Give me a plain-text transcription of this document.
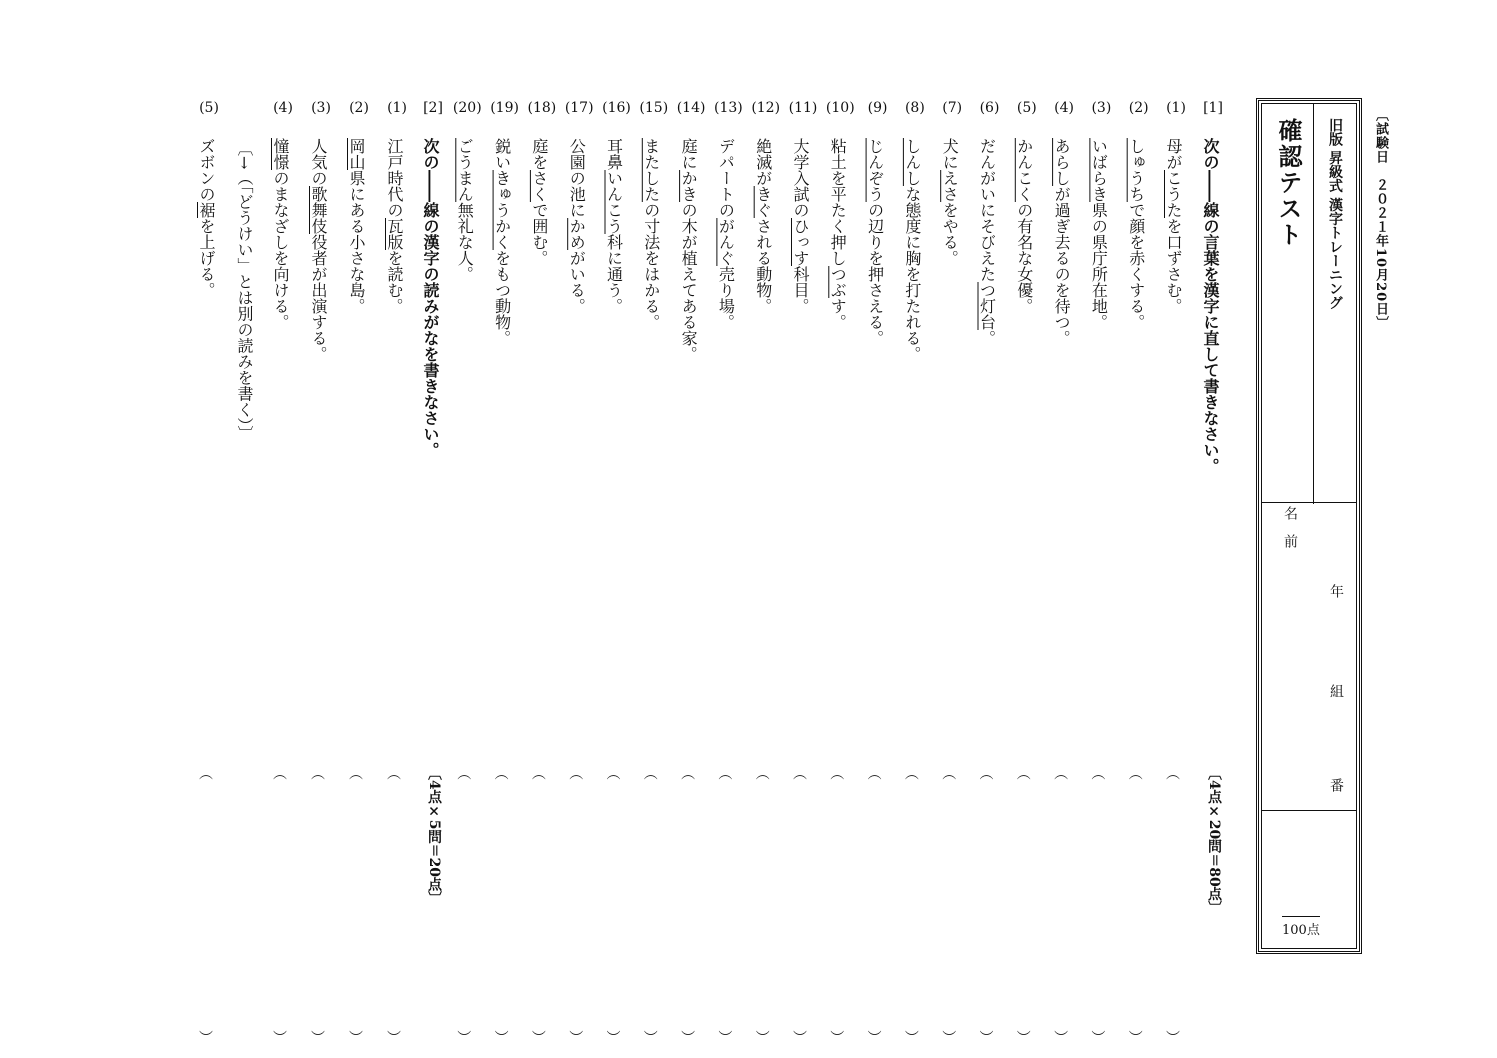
〔試験日　２０２１年10月20日〕
旧版 昇級式 漢字トレーニング
確認テスト
名前
年
組
番
100点
[1]
次の――線の言葉を漢字に直して書きなさい。
〔4点×20問＝80点〕
(1)
母がこうたを口ずさむ。
（
）
(2)
しゅうちで顔を赤くする。
（
）
(3)
いばらき県の県庁所在地。
（
）
(4)
あらしが過ぎ去るのを待つ。
（
）
(5)
かんこくの有名な女優。
（
）
(6)
だんがいにそびえたつ灯台。
（
）
(7)
犬にえさをやる。
（
）
(8)
しんしな態度に胸を打たれる。
（
）
(9)
じんぞうの辺りを押さえる。
（
）
(10)
粘土を平たく押しつぶす。
（
）
(11)
大学入試のひっす科目。
（
）
(12)
絶滅がきぐされる動物。
（
）
(13)
デパートのがんぐ売り場。
（
）
(14)
庭にかきの木が植えてある家。
（
）
(15)
またしたの寸法をはかる。
（
）
(16)
耳鼻いんこう科に通う。
（
）
(17)
公園の池にかめがいる。
（
）
(18)
庭をさくで囲む。
（
）
(19)
鋭いきゅうかくをもつ動物。
（
）
(20)
ごうまん無礼な人。
（
）
[2]
次の――線の漢字の読みがなを書きなさい。
〔4点×5問＝20点〕
(1)
江戸時代の瓦版を読む。
（
）
(2)
岡山県にある小さな島。
（
）
(3)
人気の歌舞伎役者が出演する。
（
）
(4)
憧憬のまなざしを向ける。
（
）
〔→（「どうけい」とは別の読みを書く）〕
(5)
ズボンの裾を上げる。
（
）
